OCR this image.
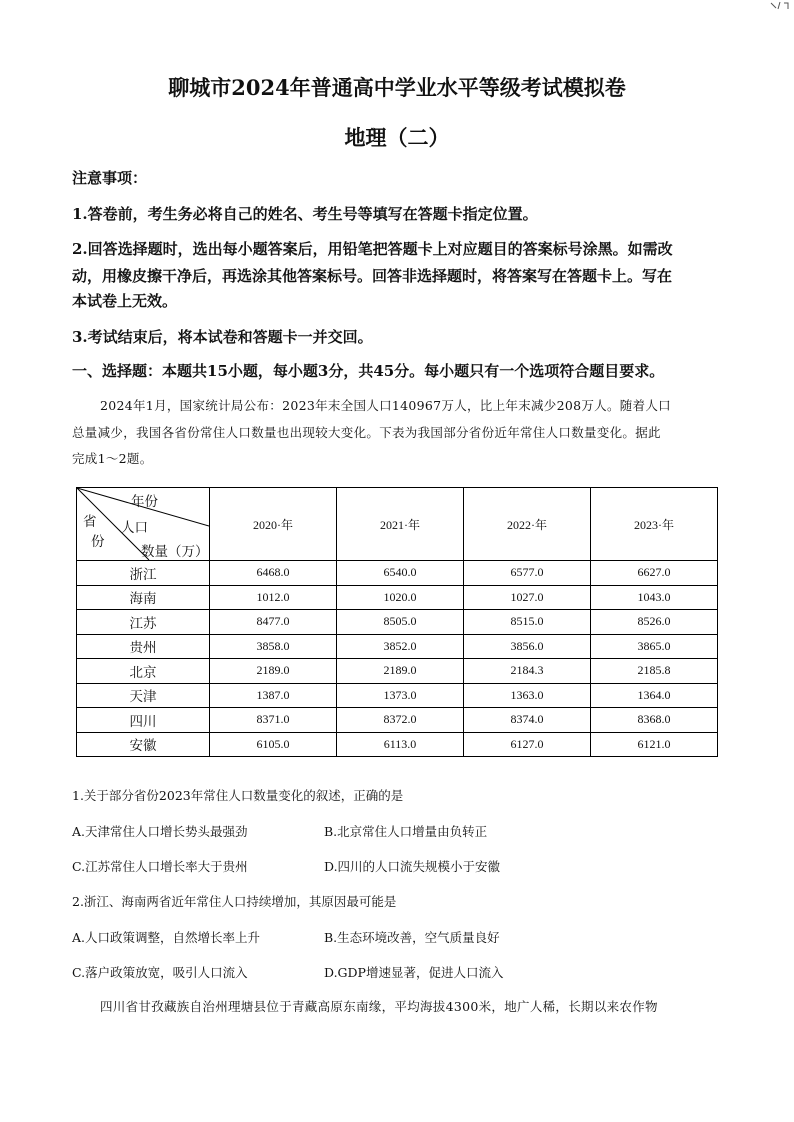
聊城市2024年普通高中学业水平等级考试模拟卷
地理（二）
注意事项：
1.答卷前，考生务必将自己的姓名、考生号等填写在答题卡指定位置。
2.回答选择题时，选出每小题答案后，用铅笔把答题卡上对应题目的答案标号涂黑。如需改
动，用橡皮擦干净后，再选涂其他答案标号。回答非选择题时，将答案写在答题卡上。写在
本试卷上无效。
3.考试结束后，将本试卷和答题卡一并交回。
一、选择题：本题共15小题，每小题3分，共45分。每小题只有一个选项符合题目要求。
2024年1月，国家统计局公布：2023年末全国人口140967万人，比上年末减少208万人。随着人口
总量减少，我国各省份常住人口数量也出现较大变化。下表为我国部分省份近年常住人口数量变化。据此
完成1～2题。
年份
省 人口
份
数量（万）	2020·年	2021·年	2022·年	2023·年
浙江	6468.0	6540.0	6577.0	6627.0
海南	1012.0	1020.0	1027.0	1043.0
江苏	8477.0	8505.0	8515.0	8526.0
贵州	3858.0	3852.0	3856.0	3865.0
北京	2189.0	2189.0	2184.3	2185.8
天津	1387.0	1373.0	1363.0	1364.0
四川	8371.0	8372.0	8374.0	8368.0
安徽	6105.0	6113.0	6127.0	6121.0
1.关于部分省份2023年常住人口数量变化的叙述，正确的是
A.天津常住人口增长势头最强劲	B.北京常住人口增量由负转正
C.江苏常住人口增长率大于贵州	D.四川的人口流失规模小于安徽
2.浙江、海南两省近年常住人口持续增加，其原因最可能是
A.人口政策调整，自然增长率上升	B.生态环境改善，空气质量良好
C.落户政策放宽，吸引人口流入	D.GDP增速显著，促进人口流入
四川省甘孜藏族自治州理塘县位于青藏高原东南缘，平均海拔4300米，地广人稀，长期以来农作物
